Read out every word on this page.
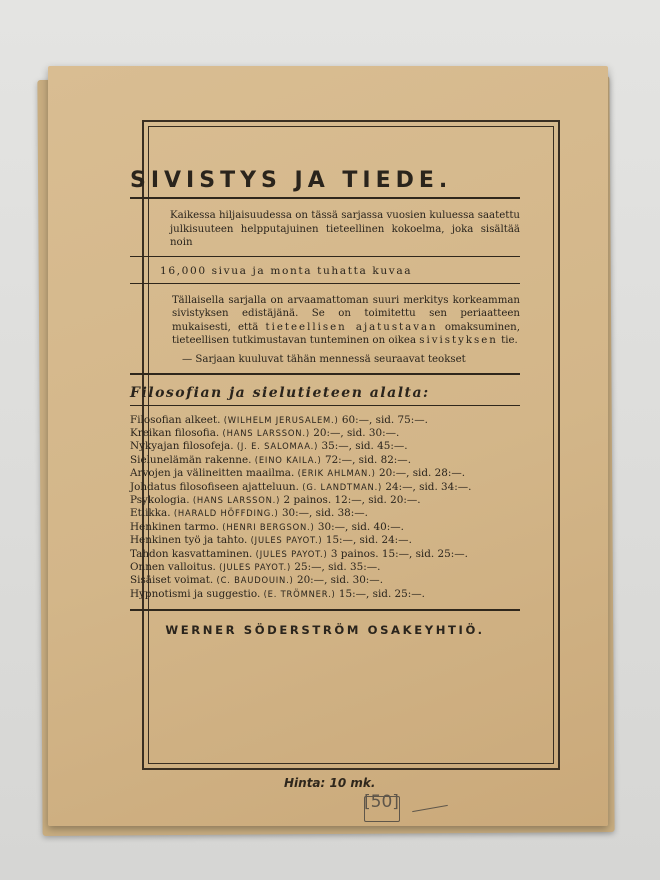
SIVISTYS JA TIEDE.
Kaikessa hiljaisuudessa on tässä sarjassa vuosien kuluessa saatettu julkisuuteen helpputajuinen tieteellinen kokoelma, joka sisältää noin
16,000 sivua ja monta tuhatta kuvaa
Tällaisella sarjalla on arvaamattoman suuri merkitys korkeamman sivistyksen edistäjänä. Se on toimitettu sen periaatteen mukaisesti, että tieteellisen ajatustavan omaksuminen, tieteellisen tutkimustavan tunteminen on oikea sivistyksen tie.
— Sarjaan kuuluvat tähän mennessä seuraavat teokset
Filosofian ja sielutieteen alalta:
Filosofian alkeet. (WILHELM JERUSALEM.) 60:—, sid. 75:—.
Kreikan filosofia. (HANS LARSSON.) 20:—, sid. 30:—.
Nykyajan filosofeja. (J. E. SALOMAA.) 35:—, sid. 45:—.
Sielunelämän rakenne. (EINO KAILA.) 72:—, sid. 82:—.
Arvojen ja välineitten maailma. (ERIK AHLMAN.) 20:—, sid. 28:—.
Johdatus filosofiseen ajatteluun. (G. LANDTMAN.) 24:—, sid. 34:—.
Psykologia. (HANS LARSSON.) 2 painos. 12:—, sid. 20:—.
Etiikka. (HARALD HÖFFDING.) 30:—, sid. 38:—.
Henkinen tarmo. (HENRI BERGSON.) 30:—, sid. 40:—.
Henkinen työ ja tahto. (JULES PAYOT.) 15:—, sid. 24:—.
Tahdon kasvattaminen. (JULES PAYOT.) 3 painos. 15:—, sid. 25:—.
Onnen valloitus. (JULES PAYOT.) 25:—, sid. 35:—.
Sisäiset voimat. (C. BAUDOUIN.) 20:—, sid. 30:—.
Hypnotismi ja suggestio. (E. TRÖMNER.) 15:—, sid. 25:—.
WERNER SÖDERSTRÖM OSAKEYHTIÖ.
Hinta: 10 mk.
[50]
